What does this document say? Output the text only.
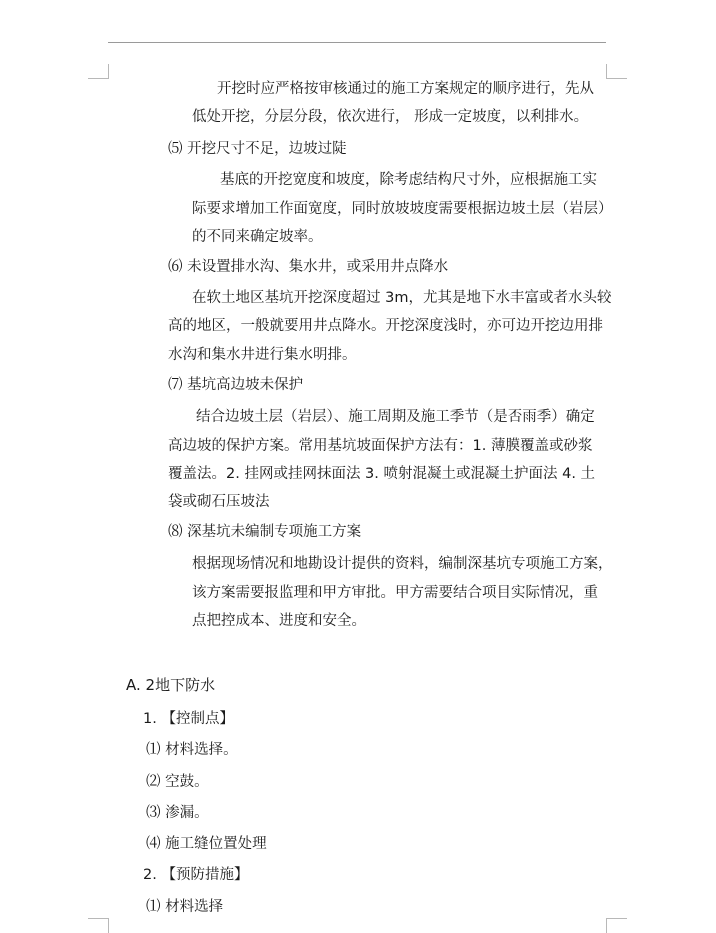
开挖时应严格按审核通过的施工方案规定的顺序进行，先从
低处开挖，分层分段，依次进行， 形成一定坡度，以利排水。
⑸ 开挖尺寸不足，边坡过陡
基底的开挖宽度和坡度，除考虑结构尺寸外，应根据施工实
际要求增加工作面宽度，同时放坡坡度需要根据边坡土层（岩层）
的不同来确定坡率。
⑹ 未设置排水沟、集水井，或采用井点降水
在软土地区基坑开挖深度超过 3m，尤其是地下水丰富或者水头较
高的地区，一般就要用井点降水。开挖深度浅时，亦可边开挖边用排
水沟和集水井进行集水明排。
⑺ 基坑高边坡未保护
结合边坡土层（岩层）、施工周期及施工季节（是否雨季）确定
高边坡的保护方案。常用基坑坡面保护方法有：1. 薄膜覆盖或砂浆
覆盖法。2. 挂网或挂网抹面法 3. 喷射混凝土或混凝土护面法 4. 土
袋或砌石压坡法
⑻ 深基坑未编制专项施工方案
根据现场情况和地勘设计提供的资料，编制深基坑专项施工方案，
该方案需要报监理和甲方审批。甲方需要结合项目实际情况，重
点把控成本、进度和安全。
A. 2地下防水
1. 【控制点】
⑴ 材料选择。
⑵ 空鼓。
⑶ 渗漏。
⑷ 施工缝位置处理
2. 【预防措施】
⑴ 材料选择
